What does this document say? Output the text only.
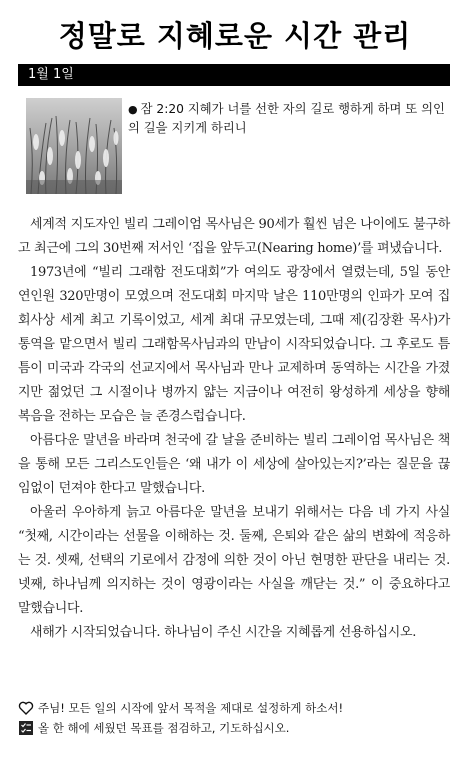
정말로 지혜로운 시간 관리
1월 1일
● 잠 2:20 지혜가 너를 선한 자의 길로 행하게 하며 또 의인의 길을 지키게 하리니

세계적 지도자인 빌리 그레이엄 목사님은 90세가 훨씬 넘은 나이에도 불구하고 최근에 그의 30번째 저서인 ‘집을 앞두고(Nearing home)’를 펴냈습니다.

1973년에 “빌리 그래함 전도대회”가 여의도 광장에서 열렸는데, 5일 동안 연인원 320만명이 모였으며 전도대회 마지막 날은 110만명의 인파가 모여 집회사상 세계 최고 기록이었고, 세계 최대 규모였는데, 그때 제(김장환 목사)가 통역을 맡으면서 빌리 그래함목사님과의 만남이 시작되었습니다. 그 후로도 틈틈이 미국과 각국의 선교지에서 목사님과 만나 교제하며 동역하는 시간을 가졌지만 젊었던 그 시절이나 병까지 얇는 지금이나 여전히 왕성하게 세상을 향해 복음을 전하는 모습은 늘 존경스럽습니다.

아름다운 말년을 바라며 천국에 갈 날을 준비하는 빌리 그레이엄 목사님은 책을 통해 모든 그리스도인들은 ‘왜 내가 이 세상에 살아있는지?’라는 질문을 끊임없이 던져야 한다고 말했습니다.

아울러 우아하게 늙고 아름다운 말년을 보내기 위해서는 다음 네 가지 사실 “첫째, 시간이라는 선물을 이해하는 것. 둘째, 은퇴와 같은 삶의 변화에 적응하는 것. 셋째, 선택의 기로에서 감정에 의한 것이 아닌 현명한 판단을 내리는 것. 넷째, 하나님께 의지하는 것이 영광이라는 사실을 깨닫는 것.” 이 중요하다고 말했습니다.

새해가 시작되었습니다. 하나님이 주신 시간을 지혜롭게 선용하십시오.

주님! 모든 일의 시작에 앞서 목적을 제대로 설정하게 하소서!
올 한 해에 세웠던 목표를 점검하고, 기도하십시오.
